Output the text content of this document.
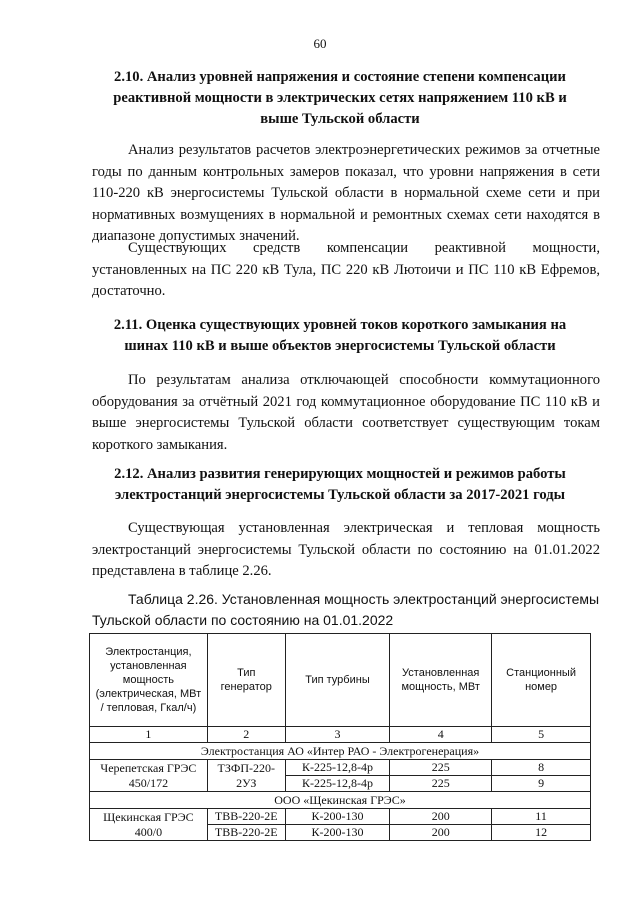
60
2.10. Анализ уровней напряжения и состояние степени компенсации
реактивной мощности в электрических сетях напряжением 110 кВ и
выше Тульской области

Анализ результатов расчетов электроэнергетических режимов за отчетные годы по данным контрольных замеров показал, что уровни напряжения в сети 110-220 кВ энергосистемы Тульской области в нормальной схеме сети и при нормативных возмущениях в нормальной и ремонтных схемах сети находятся в диапазоне допустимых значений.

Существующих средств компенсации реактивной мощности, установленных на ПС 220 кВ Тула, ПС 220 кВ Лютоичи и ПС 110 кВ Ефремов, достаточно.

2.11. Оценка существующих уровней токов короткого замыкания на
шинах 110 кВ и выше объектов энергосистемы Тульской области

По результатам анализа отключающей способности коммутационного оборудования за отчётный 2021 год коммутационное оборудование ПС 110 кВ и выше энергосистемы Тульской области соответствует существующим токам короткого замыкания.

2.12. Анализ развития генерирующих мощностей и режимов работы
электростанций энергосистемы Тульской области за 2017-2021 годы

Существующая установленная электрическая и тепловая мощность электростанций энергосистемы Тульской области по состоянию на 01.01.2022 представлена в таблице 2.26.

Таблица 2.26. Установленная мощность электростанций энергосистемы Тульской области по состоянию на 01.01.2022

Электростанция, установленная мощность (электрическая, МВт / тепловая, Гкал/ч)	Тип генератор	Тип турбины	Установленная мощность, МВт	Станционный номер
1	2	3	4	5
Электростанция АО «Интер РАО - Электрогенерация»				

Черепетская ГРЭС
450/172	ТЗФП-220-2УЗ	К-225-12,8-4р	225	8
		К-225-12,8-4р	225	9
ООО «Щекинская ГРЭС»				

Щекинская ГРЭС
400/0	ТВВ-220-2Е	К-200-130	200	11
	ТВВ-220-2Е	К-200-130	200	12
